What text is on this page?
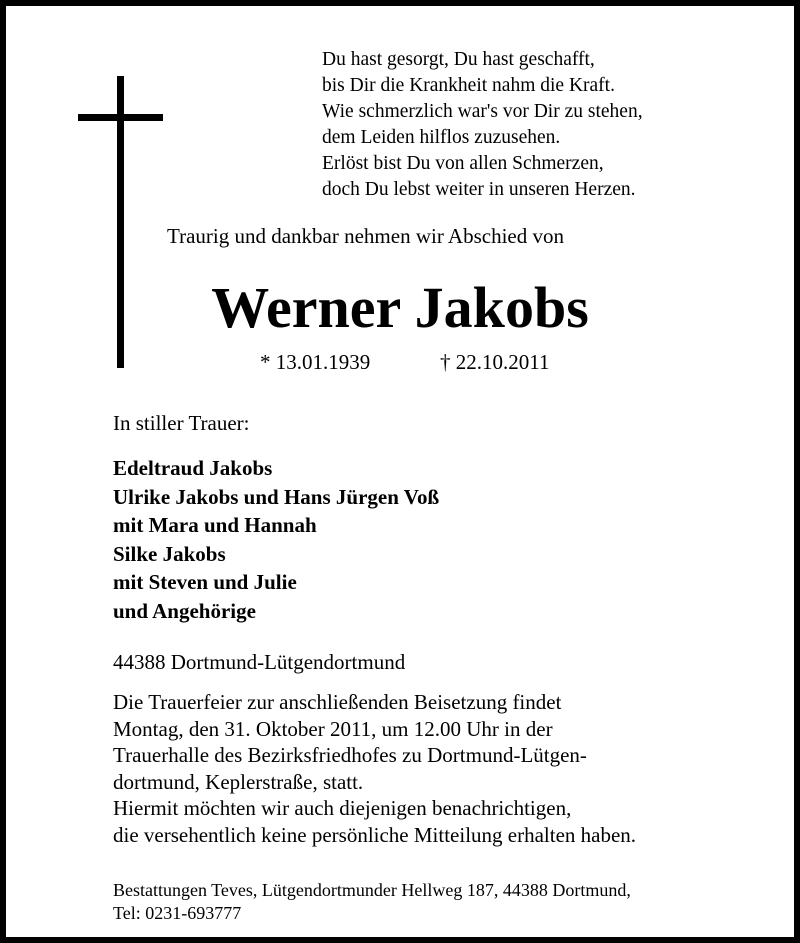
Du hast gesorgt, Du hast geschafft,
bis Dir die Krankheit nahm die Kraft.
Wie schmerzlich war's vor Dir zu stehen,
dem Leiden hilflos zuzusehen.
Erlöst bist Du von allen Schmerzen,
doch Du lebst weiter in unseren Herzen.
Traurig und dankbar nehmen wir Abschied von
Werner Jakobs
* 13.01.1939	† 22.10.2011
In stiller Trauer:
Edeltraud Jakobs
Ulrike Jakobs und Hans Jürgen Voß
mit Mara und Hannah
Silke Jakobs
mit Steven und Julie
und Angehörige
44388 Dortmund-Lütgendortmund
Die Trauerfeier zur anschließenden Beisetzung findet
Montag, den 31. Oktober 2011, um 12.00 Uhr in der
Trauerhalle des Bezirksfriedhofes zu Dortmund-Lütgen-
dortmund, Keplerstraße, statt.
Hiermit möchten wir auch diejenigen benachrichtigen,
die versehentlich keine persönliche Mitteilung erhalten haben.
Bestattungen Teves, Lütgendortmunder Hellweg 187, 44388 Dortmund,
Tel: 0231-693777
